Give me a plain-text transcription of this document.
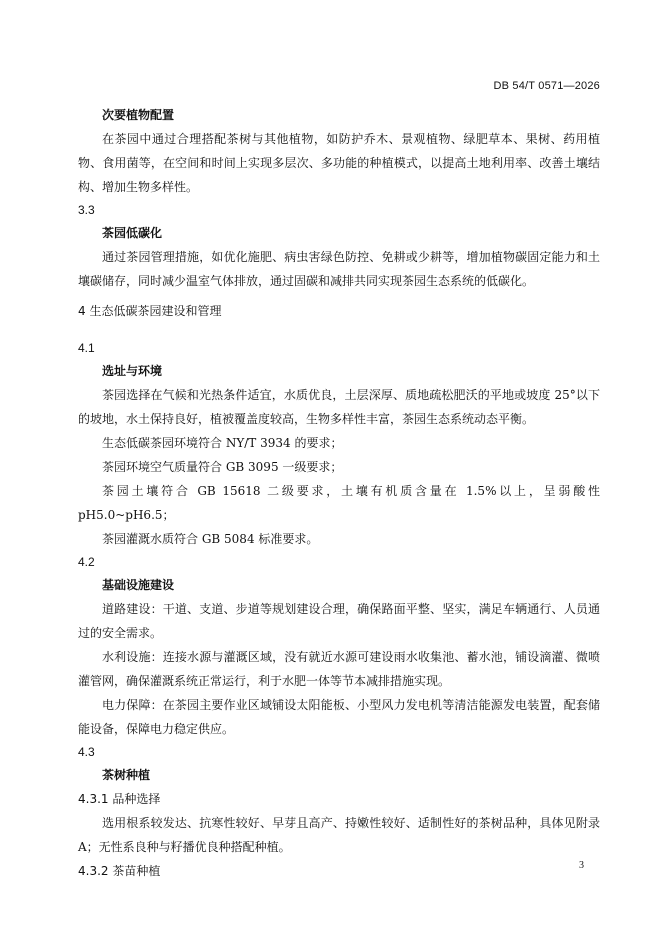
DB 54/T 0571—2026
次要植物配置
在茶园中通过合理搭配茶树与其他植物，如防护乔木、景观植物、绿肥草本、果树、药用植物、食用菌等，在空间和时间上实现多层次、多功能的种植模式，以提高土地利用率、改善土壤结构、增加生物多样性。
3.3
茶园低碳化
通过茶园管理措施，如优化施肥、病虫害绿色防控、免耕或少耕等，增加植物碳固定能力和土壤碳储存，同时减少温室气体排放，通过固碳和减排共同实现茶园生态系统的低碳化。
4 生态低碳茶园建设和管理
4.1
选址与环境
茶园选择在气候和光热条件适宜，水质优良，土层深厚、质地疏松肥沃的平地或坡度 25°以下的坡地，水土保持良好，植被覆盖度较高，生物多样性丰富，茶园生态系统动态平衡。
生态低碳茶园环境符合 NY/T 3934 的要求；
茶园环境空气质量符合 GB 3095 一级要求；
茶园土壤符合 GB 15618 二级要求，土壤有机质含量在 1.5%以上，呈弱酸性 pH5.0~pH6.5；
茶园灌溉水质符合 GB 5084 标准要求。
4.2
基础设施建设
道路建设：干道、支道、步道等规划建设合理，确保路面平整、坚实，满足车辆通行、人员通过的安全需求。
水利设施：连接水源与灌溉区域，没有就近水源可建设雨水收集池、蓄水池，铺设滴灌、微喷灌管网，确保灌溉系统正常运行，利于水肥一体等节本减排措施实现。
电力保障：在茶园主要作业区域铺设太阳能板、小型风力发电机等清洁能源发电装置，配套储能设备，保障电力稳定供应。
4.3
茶树种植
4.3.1 品种选择
选用根系较发达、抗寒性较好、早芽且高产、持嫩性较好、适制性好的茶树品种，具体见附录 A；无性系良种与籽播优良种搭配种植。
4.3.2 茶苗种植	3
